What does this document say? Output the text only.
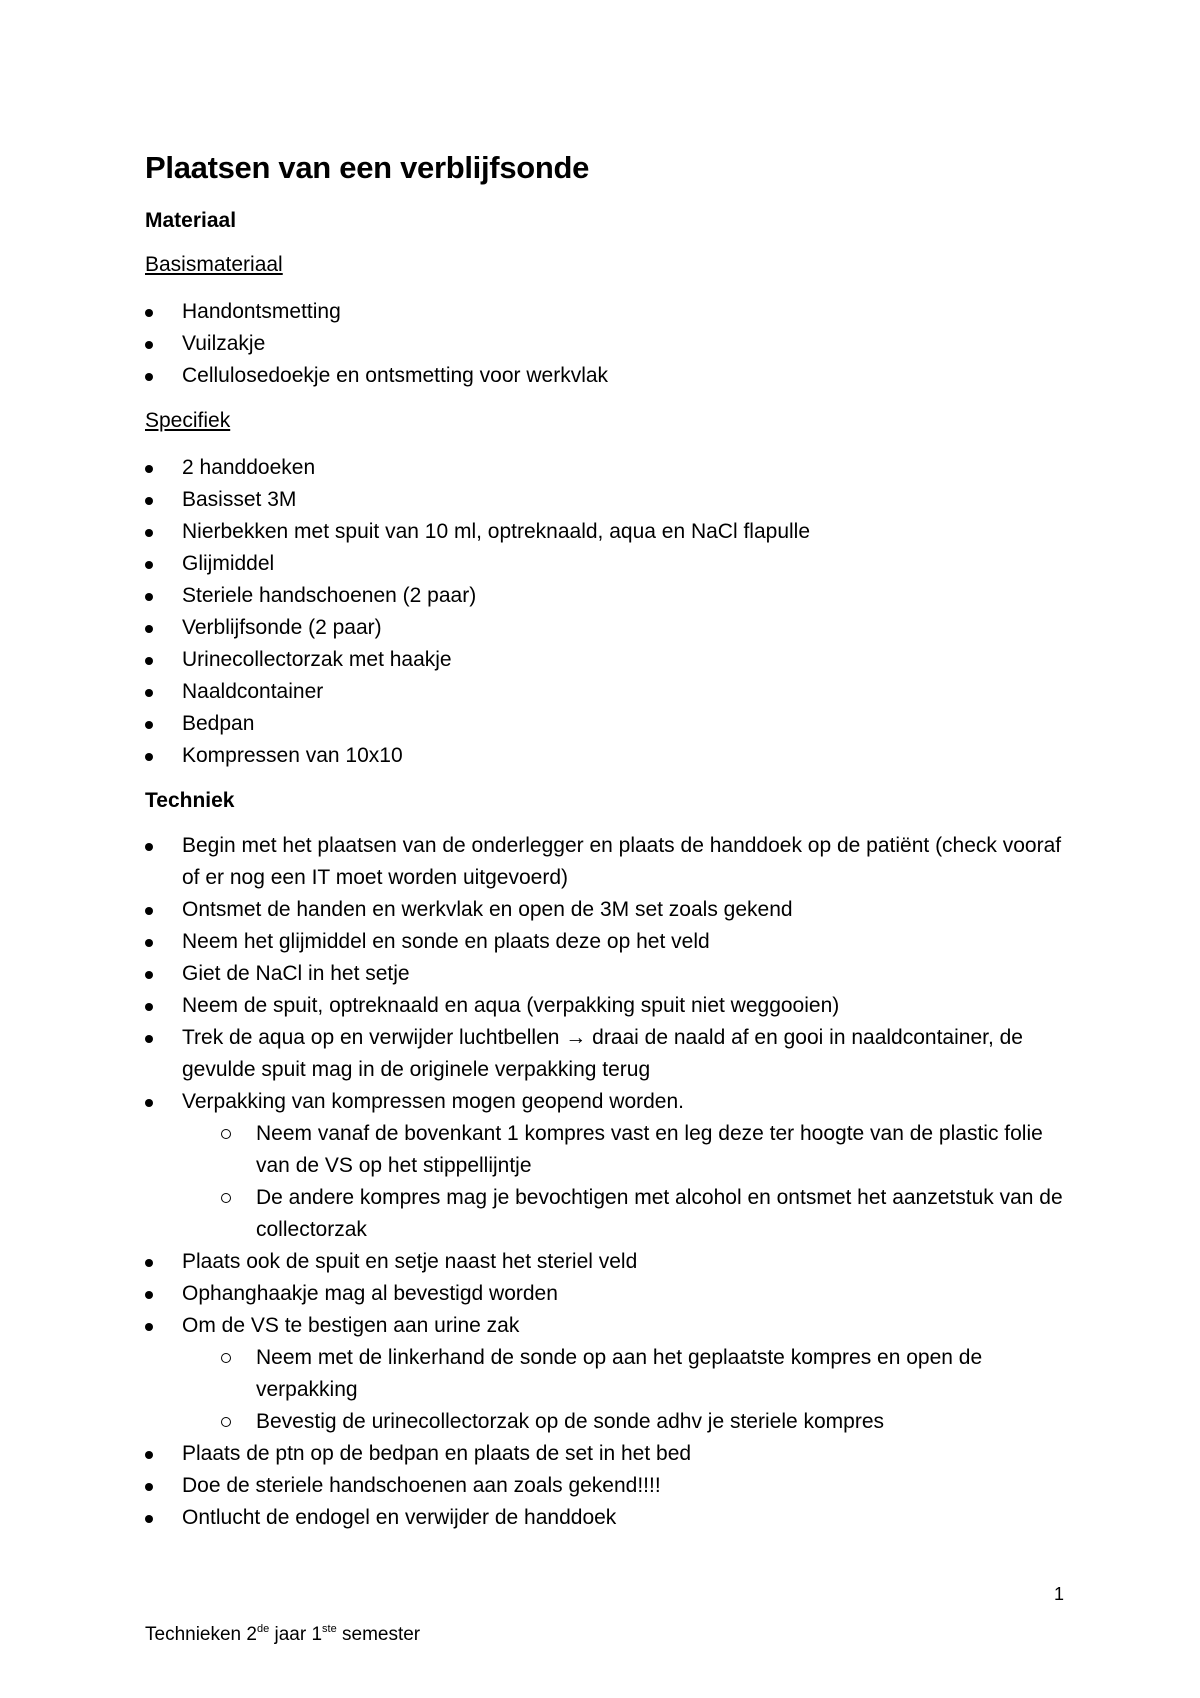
Plaatsen van een verblijfsonde
Materiaal
Basismateriaal
Handontsmetting
Vuilzakje
Cellulosedoekje en ontsmetting voor werkvlak
Specifiek
2 handdoeken
Basisset 3M
Nierbekken met spuit van 10 ml, optreknaald, aqua en NaCl flapulle
Glijmiddel
Steriele handschoenen (2 paar)
Verblijfsonde (2 paar)
Urinecollectorzak met haakje
Naaldcontainer
Bedpan
Kompressen van 10x10
Techniek
Begin met het plaatsen van de onderlegger en plaats de handdoek op de patiënt (check vooraf of er nog een IT moet worden uitgevoerd)
Ontsmet de handen en werkvlak en open de 3M set zoals gekend
Neem het glijmiddel en sonde en plaats deze op het veld
Giet de NaCl in het setje
Neem de spuit, optreknaald en aqua (verpakking spuit niet weggooien)
Trek de aqua op en verwijder luchtbellen → draai de naald af en gooi in naaldcontainer, de gevulde spuit mag in de originele verpakking terug
Verpakking van kompressen mogen geopend worden.
Neem vanaf de bovenkant 1 kompres vast en leg deze ter hoogte van de plastic folie van de VS op het stippellijntje
De andere kompres mag je bevochtigen met alcohol en ontsmet het aanzetstuk van de collectorzak
Plaats ook de spuit en setje naast het steriel veld
Ophanghaakje mag al bevestigd worden
Om de VS te bestigen aan urine zak
Neem met de linkerhand de sonde op aan het geplaatste kompres en open de verpakking
Bevestig de urinecollectorzak op de sonde adhv je steriele kompres
Plaats de ptn op de bedpan en plaats de set in het bed
Doe de steriele handschoenen aan zoals gekend!!!!
Ontlucht de endogel en verwijder de handdoek
1
Technieken 2de jaar 1ste semester
